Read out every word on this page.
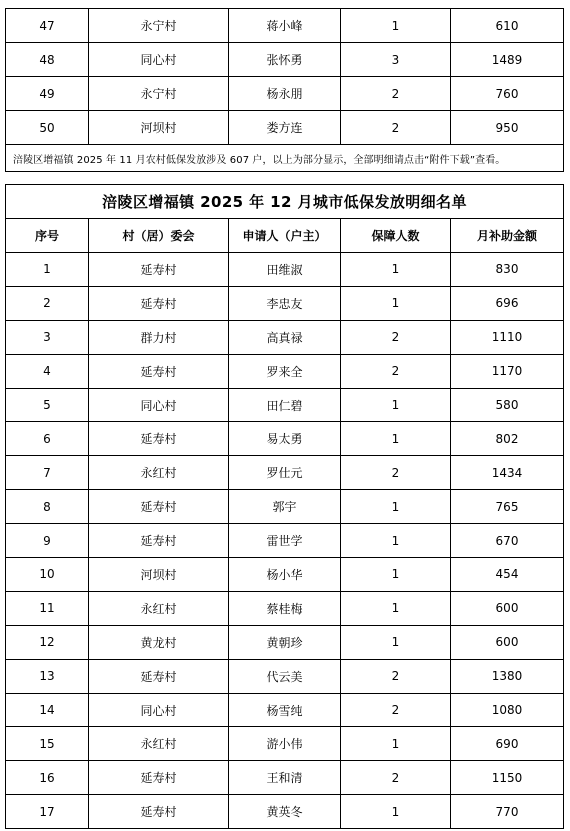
47	永宁村	蒋小峰	1	610
48	同心村	张怀勇	3	1489
49	永宁村	杨永朋	2	760
50	河坝村	娄方连	2	950
涪陵区增福镇 2025 年 11 月农村低保发放涉及 607 户，以上为部分显示，全部明细请点击“附件下载”查看。				
涪陵区增福镇 2025 年 12 月城市低保发放明细名单				
序号	村（居）委会	申请人（户主）	保障人数	月补助金额
1	延寿村	田维淑	1	830
2	延寿村	李忠友	1	696
3	群力村	高真禄	2	1110
4	延寿村	罗来全	2	1170
5	同心村	田仁碧	1	580
6	延寿村	易太勇	1	802
7	永红村	罗仕元	2	1434
8	延寿村	郭宇	1	765
9	延寿村	雷世学	1	670
10	河坝村	杨小华	1	454
11	永红村	蔡桂梅	1	600
12	黄龙村	黄朝珍	1	600
13	延寿村	代云美	2	1380
14	同心村	杨雪纯	2	1080
15	永红村	游小伟	1	690
16	延寿村	王和清	2	1150
17	延寿村	黄英冬	1	770
